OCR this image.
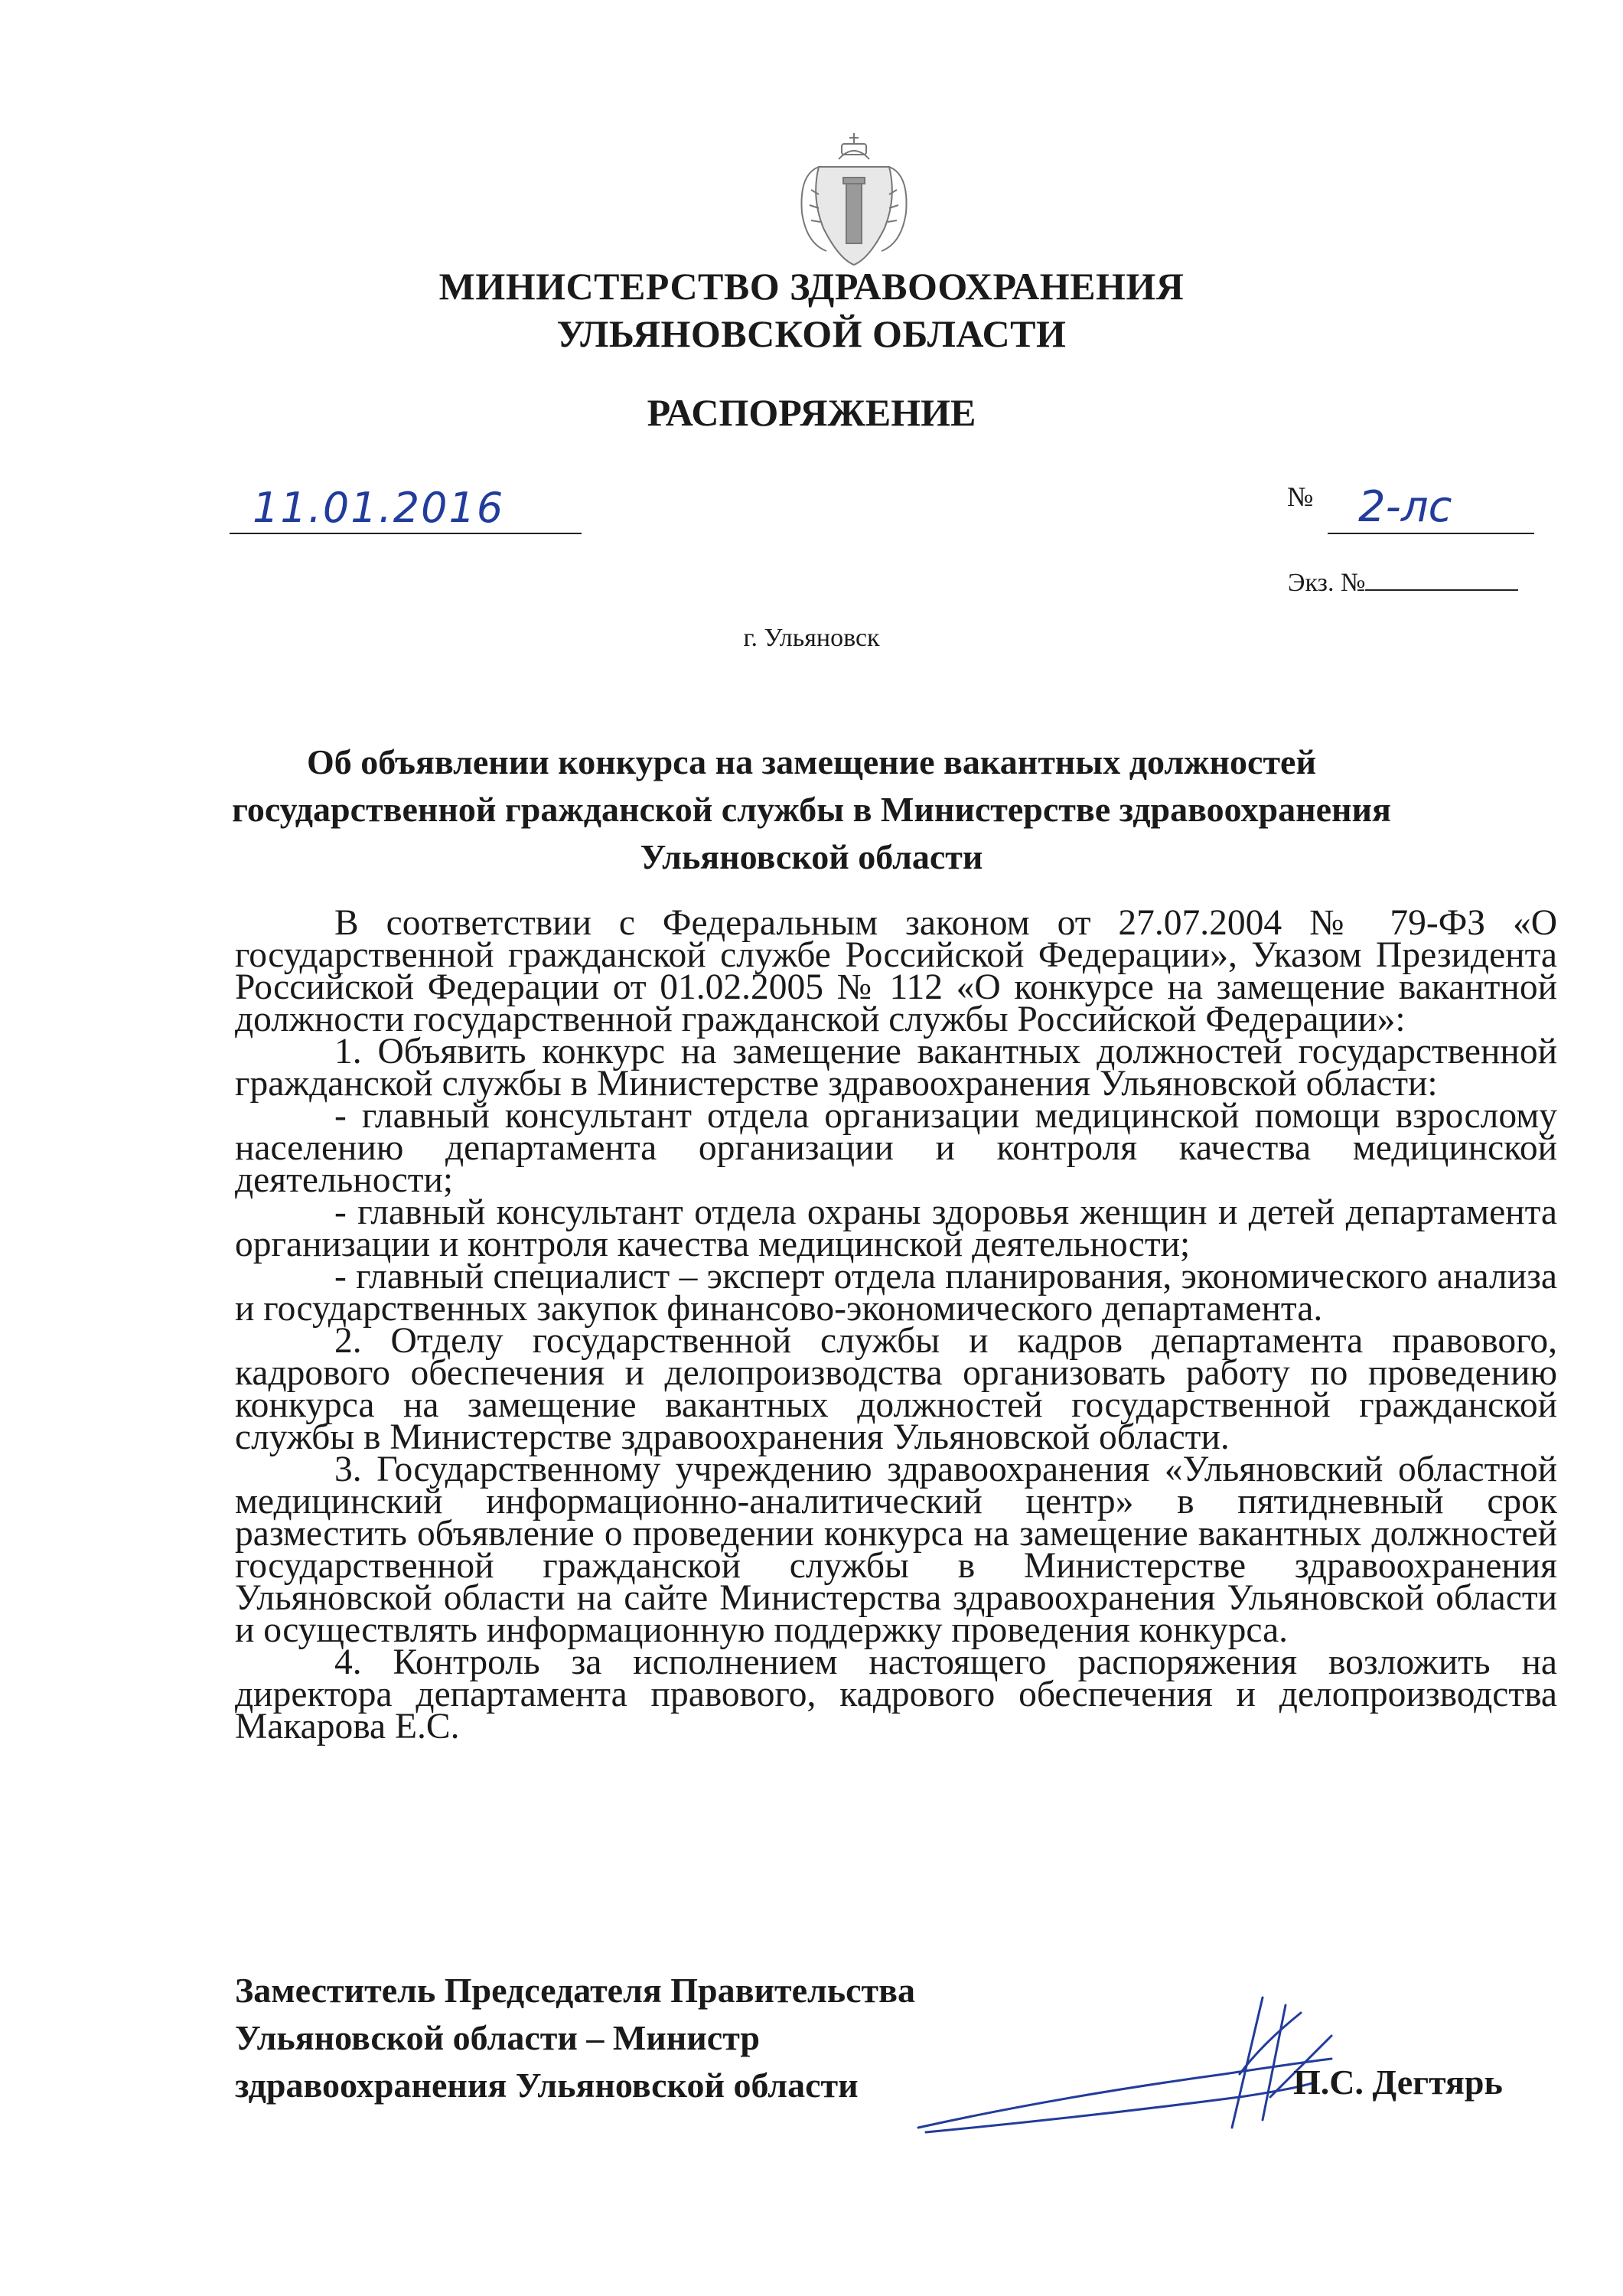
МИНИСТЕРСТВО ЗДРАВООХРАНЕНИЯ
УЛЬЯНОВСКОЙ ОБЛАСТИ
РАСПОРЯЖЕНИЕ
11.01.2016	№ 2-лс
Экз. №
г. Ульяновск
Об объявлении конкурса на замещение вакантных должностей
государственной гражданской службы в Министерстве здравоохранения
Ульяновской области

В соответствии с Федеральным законом от 27.07.2004 № 79-ФЗ «О государственной гражданской службе Российской Федерации», Указом Президента Российской Федерации от 01.02.2005 № 112 «О конкурсе на замещение вакантной должности государственной гражданской службы Российской Федерации»:

1. Объявить конкурс на замещение вакантных должностей государственной гражданской службы в Министерстве здравоохранения Ульяновской области:

- главный консультант отдела организации медицинской помощи взрослому населению департамента организации и контроля качества медицинской деятельности;

- главный консультант отдела охраны здоровья женщин и детей департамента организации и контроля качества медицинской деятельности;

- главный специалист – эксперт отдела планирования, экономического анализа и государственных закупок финансово-экономического департамента.

2. Отделу государственной службы и кадров департамента правового, кадрового обеспечения и делопроизводства организовать работу по проведению конкурса на замещение вакантных должностей государственной гражданской службы в Министерстве здравоохранения Ульяновской области.

3. Государственному учреждению здравоохранения «Ульяновский областной медицинский информационно-аналитический центр» в пятидневный срок разместить объявление о проведении конкурса на замещение вакантных должностей государственной гражданской службы в Министерстве здравоохранения Ульяновской области на сайте Министерства здравоохранения Ульяновской области и осуществлять информационную поддержку проведения конкурса.

4. Контроль за исполнением настоящего распоряжения возложить на директора департамента правового, кадрового обеспечения и делопроизводства Макарова Е.С.

Заместитель Председателя Правительства
Ульяновской области – Министр
здравоохранения Ульяновской области	П.С. Дегтярь
